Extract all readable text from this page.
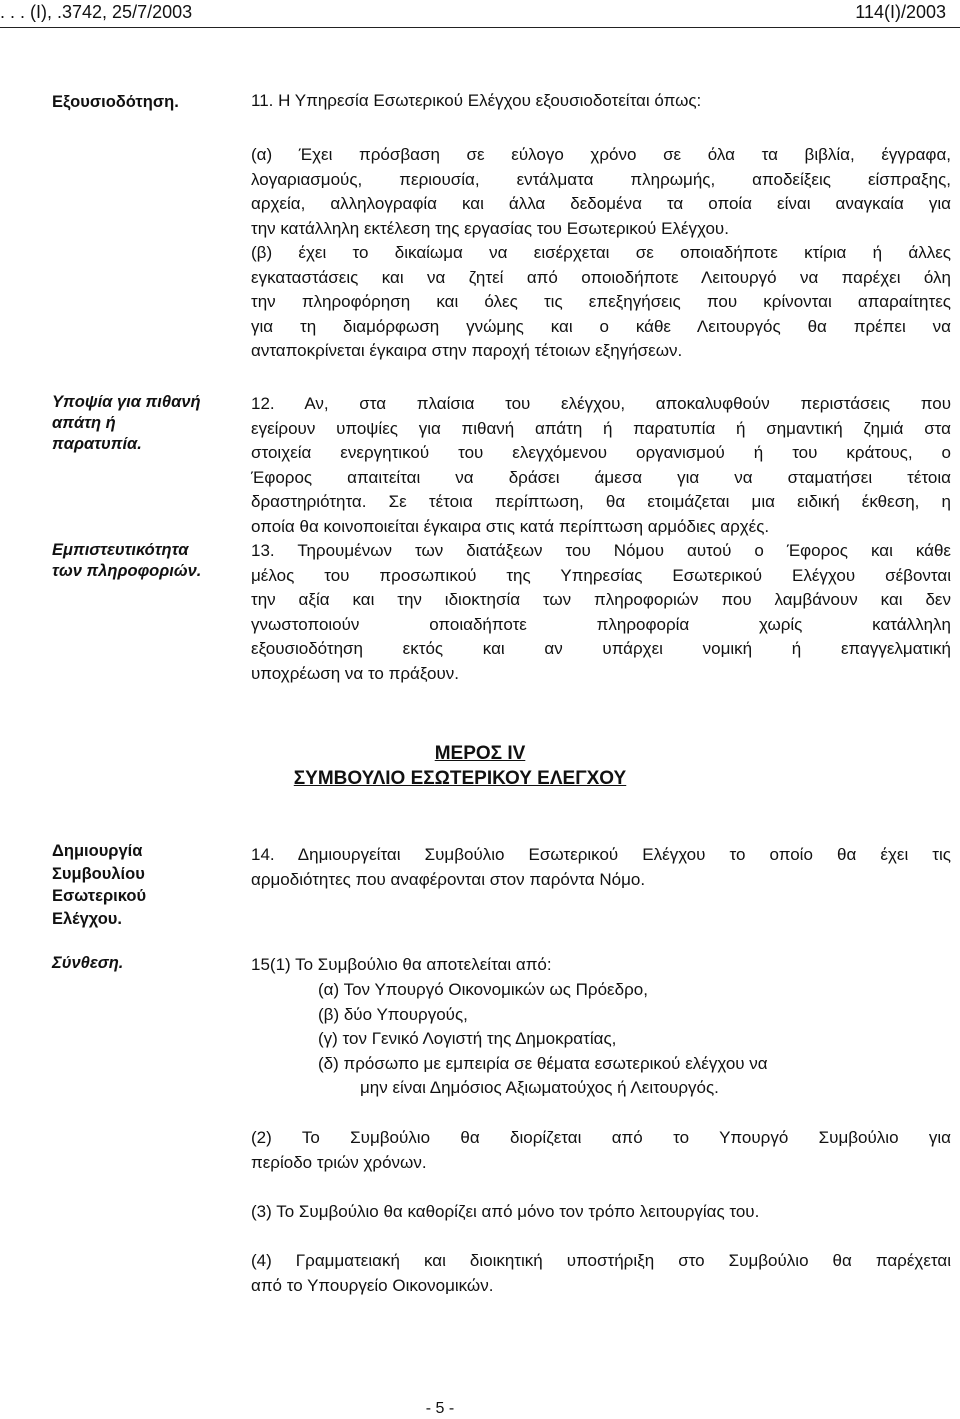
. . . (Ι), .3742, 25/7/2003	114(Ι)/2003
Εξουσιοδότηση.
Υποψία για πιθανή
απάτη ή
παρατυπία.
Εμπιστευτικότητα
των πληροφοριών.
Δημιουργία
Συμβουλίου
Εσωτερικού
Ελέγχου.
Σύνθεση.
11. Η Υπηρεσία Εσωτερικού Ελέγχου εξουσιοδοτείται όπως:
(α) Έχει πρόσβαση σε εύλογο χρόνο σε όλα τα βιβλία, έγγραφα,
λογαριασμούς, περιουσία, εντάλματα πληρωμής, αποδείξεις είσπραξης,
αρχεία, αλληλογραφία και άλλα δεδομένα τα οποία είναι αναγκαία για
την κατάλληλη εκτέλεση της εργασίας του Εσωτερικού Ελέγχου.
(β) έχει το δικαίωμα να εισέρχεται σε οποιαδήποτε κτίρια ή άλλες
εγκαταστάσεις και να ζητεί από οποιοδήποτε Λειτουργό να παρέχει όλη
την πληροφόρηση και όλες τις επεξηγήσεις που κρίνονται απαραίτητες
για τη διαμόρφωση γνώμης και ο κάθε Λειτουργός θα πρέπει να
ανταποκρίνεται έγκαιρα στην παροχή τέτοιων εξηγήσεων.
12. Αν, στα πλαίσια του ελέγχου, αποκαλυφθούν περιστάσεις που
εγείρουν υποψίες για πιθανή απάτη ή παρατυπία ή σημαντική ζημιά στα
στοιχεία ενεργητικού του ελεγχόμενου οργανισμού ή του κράτους, ο
Έφορος απαιτείται να δράσει άμεσα για να σταματήσει τέτοια
δραστηριότητα. Σε τέτοια περίπτωση, θα ετοιμάζεται μια ειδική έκθεση, η
οποία θα κοινοποιείται έγκαιρα στις κατά περίπτωση αρμόδιες αρχές.
13. Τηρουμένων των διατάξεων του Νόμου αυτού ο Έφορος και κάθε
μέλος του προσωπικού της Υπηρεσίας Εσωτερικού Ελέγχου σέβονται
την αξία και την ιδιοκτησία των πληροφοριών που λαμβάνουν και δεν
γνωστοποιούν οποιαδήποτε πληροφορία χωρίς κατάλληλη
εξουσιοδότηση εκτός και αν υπάρχει νομική ή επαγγελματική
υποχρέωση να το πράξουν.
ΜΕΡΟΣ IV
ΣΥΜΒΟΥΛΙΟ ΕΣΩΤΕΡΙΚΟΥ ΕΛΕΓΧΟΥ
14. Δημιουργείται Συμβούλιο Εσωτερικού Ελέγχου το οποίο θα έχει τις
αρμοδιότητες που αναφέρονται στον παρόντα Νόμο.
15(1) Το Συμβούλιο θα αποτελείται από:
(α) Τον Υπουργό Οικονομικών ως Πρόεδρο,
(β) δύο Υπουργούς,
(γ) τον Γενικό Λογιστή της Δημοκρατίας,
(δ) πρόσωπο με εμπειρία σε θέματα εσωτερικού ελέγχου να
μην είναι Δημόσιος Αξιωματούχος ή Λειτουργός.
(2) Το Συμβούλιο θα διορίζεται από το Υπουργό Συμβούλιο για
περίοδο τριών χρόνων.
(3) Το Συμβούλιο θα καθορίζει από μόνο τον τρόπο λειτουργίας του.
(4) Γραμματειακή και διοικητική υποστήριξη στο Συμβούλιο θα παρέχεται
από το Υπουργείο Οικονομικών.
- 5 -
